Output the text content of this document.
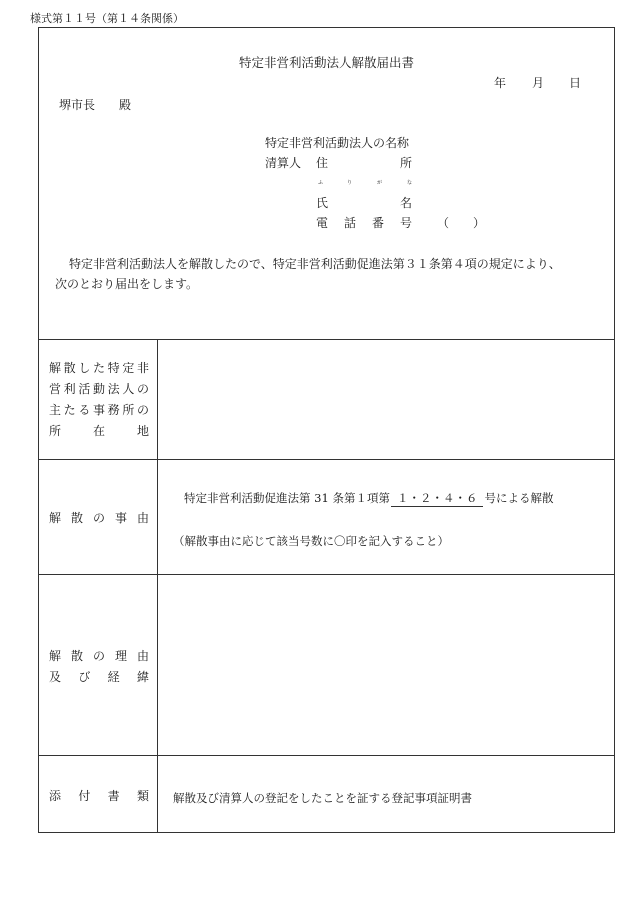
様式第１１号（第１４条関係）
特定非営利活動法人解散届出書
年 月 日
堺市長　　殿
特定非営利活動法人の名称
清算人 住	所
ふ	り	が	な
氏	名
電 話 番 号 （　　）
特定非営利活動法人を解散したので、特定非営利活動促進法第３１条第４項の規定により、
次のとおり届出をします。
解散した特定非
営利活動法人の
主たる事務所の
所在地
解散の事由
特定非営利活動促進法第 31 条第１項第 １・２・４・６ 号による解散
（解散事由に応じて該当号数に〇印を記入すること）
解散の理由
及び経緯
添付書類 解散及び清算人の登記をしたことを証する登記事項証明書
